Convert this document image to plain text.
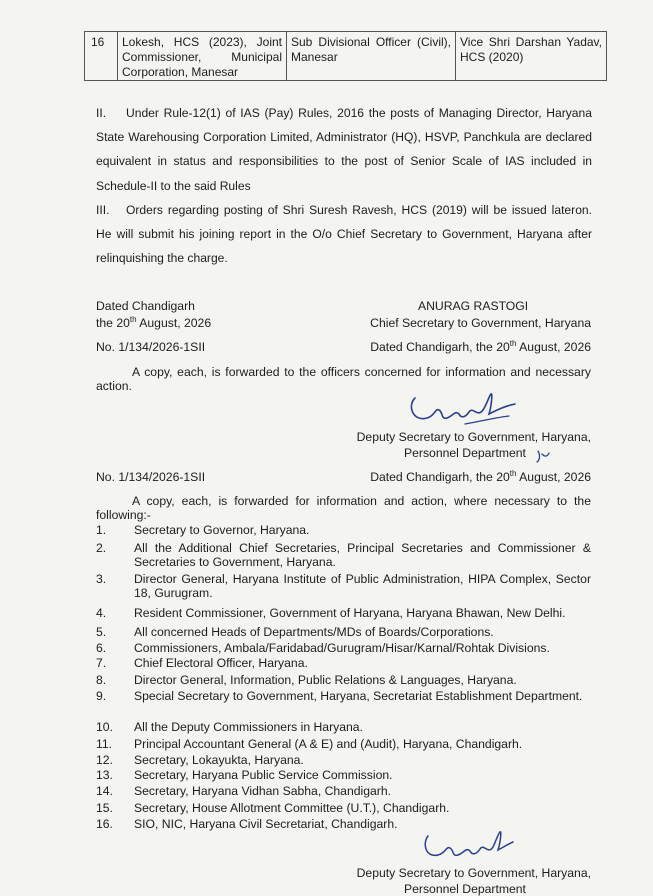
16	Lokesh, HCS (2023), Joint Commissioner, Municipal Corporation, Manesar	Sub Divisional Officer (Civil), Manesar	Vice Shri Darshan Yadav, HCS (2020)
II. Under Rule-12(1) of IAS (Pay) Rules, 2016 the posts of Managing Director, Haryana State Warehousing Corporation Limited, Administrator (HQ), HSVP, Panchkula are declared equivalent in status and responsibilities to the post of Senior Scale of IAS included in Schedule-II to the said Rules
III. Orders regarding posting of Shri Suresh Ravesh, HCS (2019) will be issued lateron. He will submit his joining report in the O/o Chief Secretary to Government, Haryana after relinquishing the charge.
Dated Chandigarh
the 20th August, 2026
ANURAG RASTOGI
Chief Secretary to Government, Haryana
No. 1/134/2026-1SII	Dated Chandigarh, the 20th August, 2026
A copy, each, is forwarded to the officers concerned for information and necessary action.
Deputy Secretary to Government, Haryana,
Personnel Department
No. 1/134/2026-1SII	Dated Chandigarh, the 20th August, 2026
A copy, each, is forwarded for information and action, where necessary to the following:-
1.	Secretary to Governor, Haryana.
2.	All the Additional Chief Secretaries, Principal Secretaries and Commissioner & Secretaries to Government, Haryana.
3.	Director General, Haryana Institute of Public Administration, HIPA Complex, Sector 18, Gurugram.
4.	Resident Commissioner, Government of Haryana, Haryana Bhawan, New Delhi.
5.	All concerned Heads of Departments/MDs of Boards/Corporations.
6.	Commissioners, Ambala/Faridabad/Gurugram/Hisar/Karnal/Rohtak Divisions.
7.	Chief Electoral Officer, Haryana.
8.	Director General, Information, Public Relations & Languages, Haryana.
9.	Special Secretary to Government, Haryana, Secretariat Establishment Department.
10.	All the Deputy Commissioners in Haryana.
11.	Principal Accountant General (A & E) and (Audit), Haryana, Chandigarh.
12.	Secretary, Lokayukta, Haryana.
13.	Secretary, Haryana Public Service Commission.
14.	Secretary, Haryana Vidhan Sabha, Chandigarh.
15.	Secretary, House Allotment Committee (U.T.), Chandigarh.
16.	SIO, NIC, Haryana Civil Secretariat, Chandigarh.
Deputy Secretary to Government, Haryana,
Personnel Department
